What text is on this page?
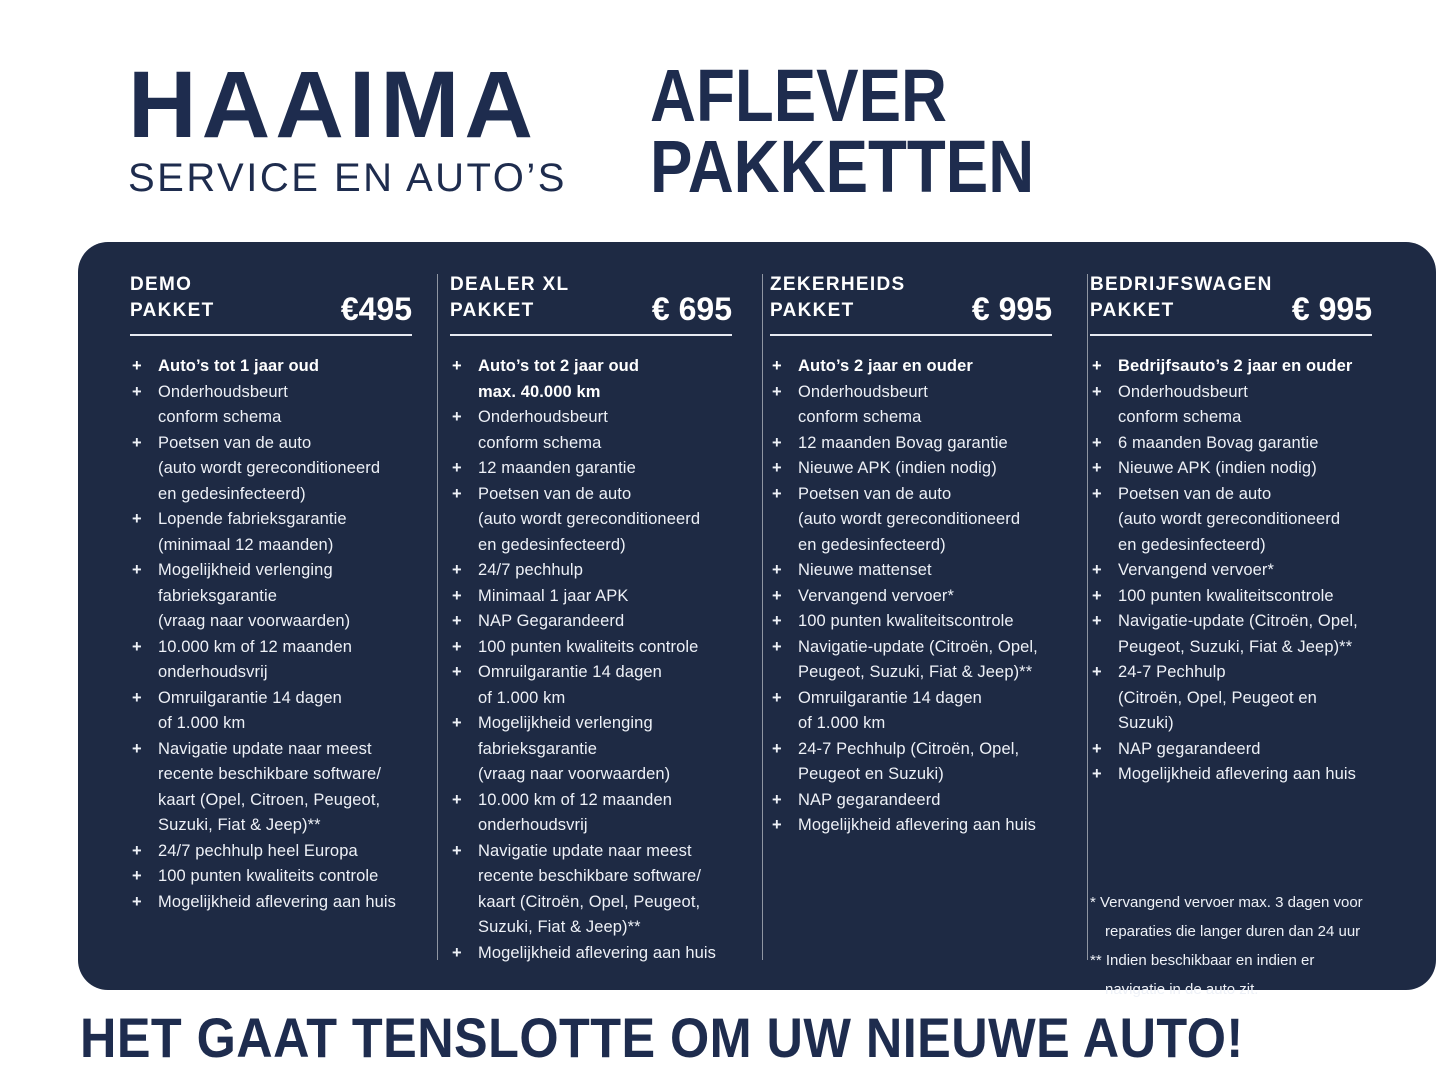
HAAIMA
SERVICE EN AUTO’S
AFLEVER
PAKKETTEN
DEMO
PAKKET	€495
+ Auto’s tot 1 jaar oud
+ Onderhoudsbeurt
conform schema
+ Poetsen van de auto
(auto wordt gereconditioneerd
en gedesinfecteerd)
+ Lopende fabrieksgarantie
(minimaal 12 maanden)
+ Mogelijkheid verlenging
fabrieksgarantie
(vraag naar voorwaarden)
+ 10.000 km of 12 maanden
onderhoudsvrij
+ Omruilgarantie 14 dagen
of 1.000 km
+ Navigatie update naar meest
recente beschikbare software/
kaart (Opel, Citroen, Peugeot,
Suzuki, Fiat & Jeep)**
+ 24/7 pechhulp heel Europa
+ 100 punten kwaliteits controle
+ Mogelijkheid aflevering aan huis
DEALER XL
PAKKET	€ 695
+ Auto’s tot 2 jaar oud
max. 40.000 km
+ Onderhoudsbeurt
conform schema
+ 12 maanden garantie
+ Poetsen van de auto
(auto wordt gereconditioneerd
en gedesinfecteerd)
+ 24/7 pechhulp
+ Minimaal 1 jaar APK
+ NAP Gegarandeerd
+ 100 punten kwaliteits controle
+ Omruilgarantie 14 dagen
of 1.000 km
+ Mogelijkheid verlenging
fabrieksgarantie
(vraag naar voorwaarden)
+ 10.000 km of 12 maanden
onderhoudsvrij
+ Navigatie update naar meest
recente beschikbare software/
kaart (Citroën, Opel, Peugeot,
Suzuki, Fiat & Jeep)**
+ Mogelijkheid aflevering aan huis
ZEKERHEIDS
PAKKET	€ 995
+ Auto’s 2 jaar en ouder
+ Onderhoudsbeurt
conform schema
+ 12 maanden Bovag garantie
+ Nieuwe APK (indien nodig)
+ Poetsen van de auto
(auto wordt gereconditioneerd
en gedesinfecteerd)
+ Nieuwe mattenset
+ Vervangend vervoer*
+ 100 punten kwaliteitscontrole
+ Navigatie-update (Citroën, Opel,
Peugeot, Suzuki, Fiat & Jeep)**
+ Omruilgarantie 14 dagen
of 1.000 km
+ 24-7 Pechhulp (Citroën, Opel,
Peugeot en Suzuki)
+ NAP gegarandeerd
+ Mogelijkheid aflevering aan huis
BEDRIJFSWAGEN
PAKKET	€ 995
+ Bedrijfsauto’s 2 jaar en ouder
+ Onderhoudsbeurt
conform schema
+ 6 maanden Bovag garantie
+ Nieuwe APK (indien nodig)
+ Poetsen van de auto
(auto wordt gereconditioneerd
en gedesinfecteerd)
+ Vervangend vervoer*
+ 100 punten kwaliteitscontrole
+ Navigatie-update (Citroën, Opel,
Peugeot, Suzuki, Fiat & Jeep)**
+ 24-7 Pechhulp
(Citroën, Opel, Peugeot en Suzuki)
+ NAP gegarandeerd
+ Mogelijkheid aflevering aan huis
* Vervangend vervoer max. 3 dagen voor
reparaties die langer duren dan 24 uur
** Indien beschikbaar en indien er
navigatie in de auto zit.
HET GAAT TENSLOTTE OM UW NIEUWE AUTO!
